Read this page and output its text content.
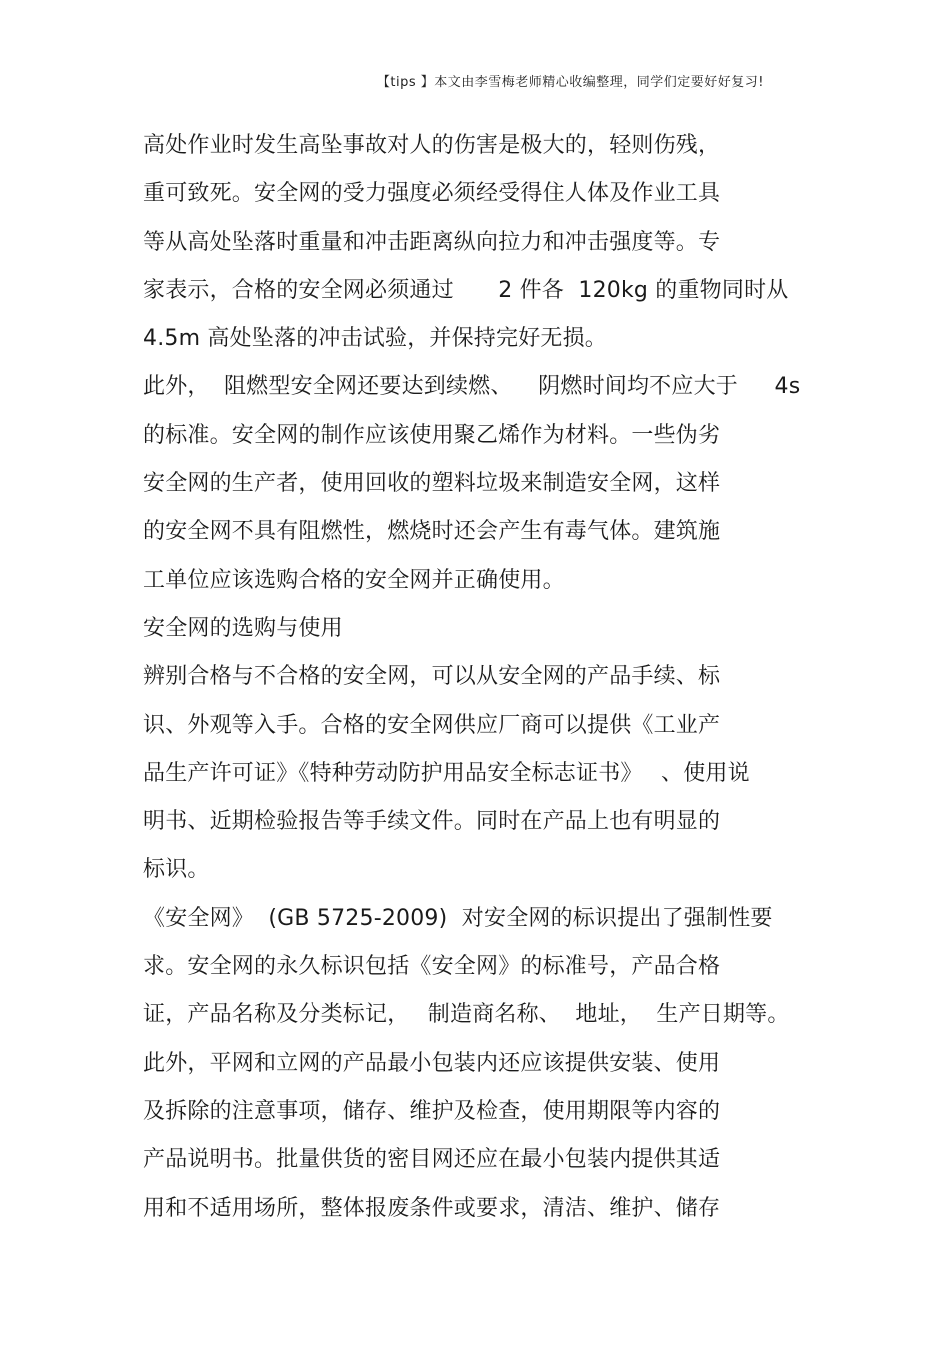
【tips 】本文由李雪梅老师精心收编整理，同学们定要好好复习!
高处作业时发生高坠事故对人的伤害是极大的，轻则伤残，
重可致死。安全网的受力强度必须经受得住人体及作业工具
等从高处坠落时重量和冲击距离纵向拉力和冲击强度等。专
家表示，合格的安全网必须通过　　2 件各  120kg 的重物同时从
4.5m 高处坠落的冲击试验，并保持完好无损。
此外，  阻燃型安全网还要达到续燃、　  阴燃时间均不应大于　  4s
的标准。安全网的制作应该使用聚乙烯作为材料。一些伪劣
安全网的生产者，使用回收的塑料垃圾来制造安全网，这样
的安全网不具有阻燃性，燃烧时还会产生有毒气体。建筑施
工单位应该选购合格的安全网并正确使用。
安全网的选购与使用
辨别合格与不合格的安全网，可以从安全网的产品手续、标
识、外观等入手。合格的安全网供应厂商可以提供《工业产
品生产许可证》《特种劳动防护用品安全标志证书》　 、使用说
明书、近期检验报告等手续文件。同时在产品上也有明显的
标识。
《安全网》  (GB 5725-2009)  对安全网的标识提出了强制性要
求。安全网的永久标识包括《安全网》的标准号，产品合格
证，产品名称及分类标记，　 制造商名称、  地址，  生产日期等。
此外，平网和立网的产品最小包装内还应该提供安装、使用
及拆除的注意事项，储存、维护及检查，使用期限等内容的
产品说明书。批量供货的密目网还应在最小包装内提供其适
用和不适用场所，整体报废条件或要求，清洁、维护、储存
